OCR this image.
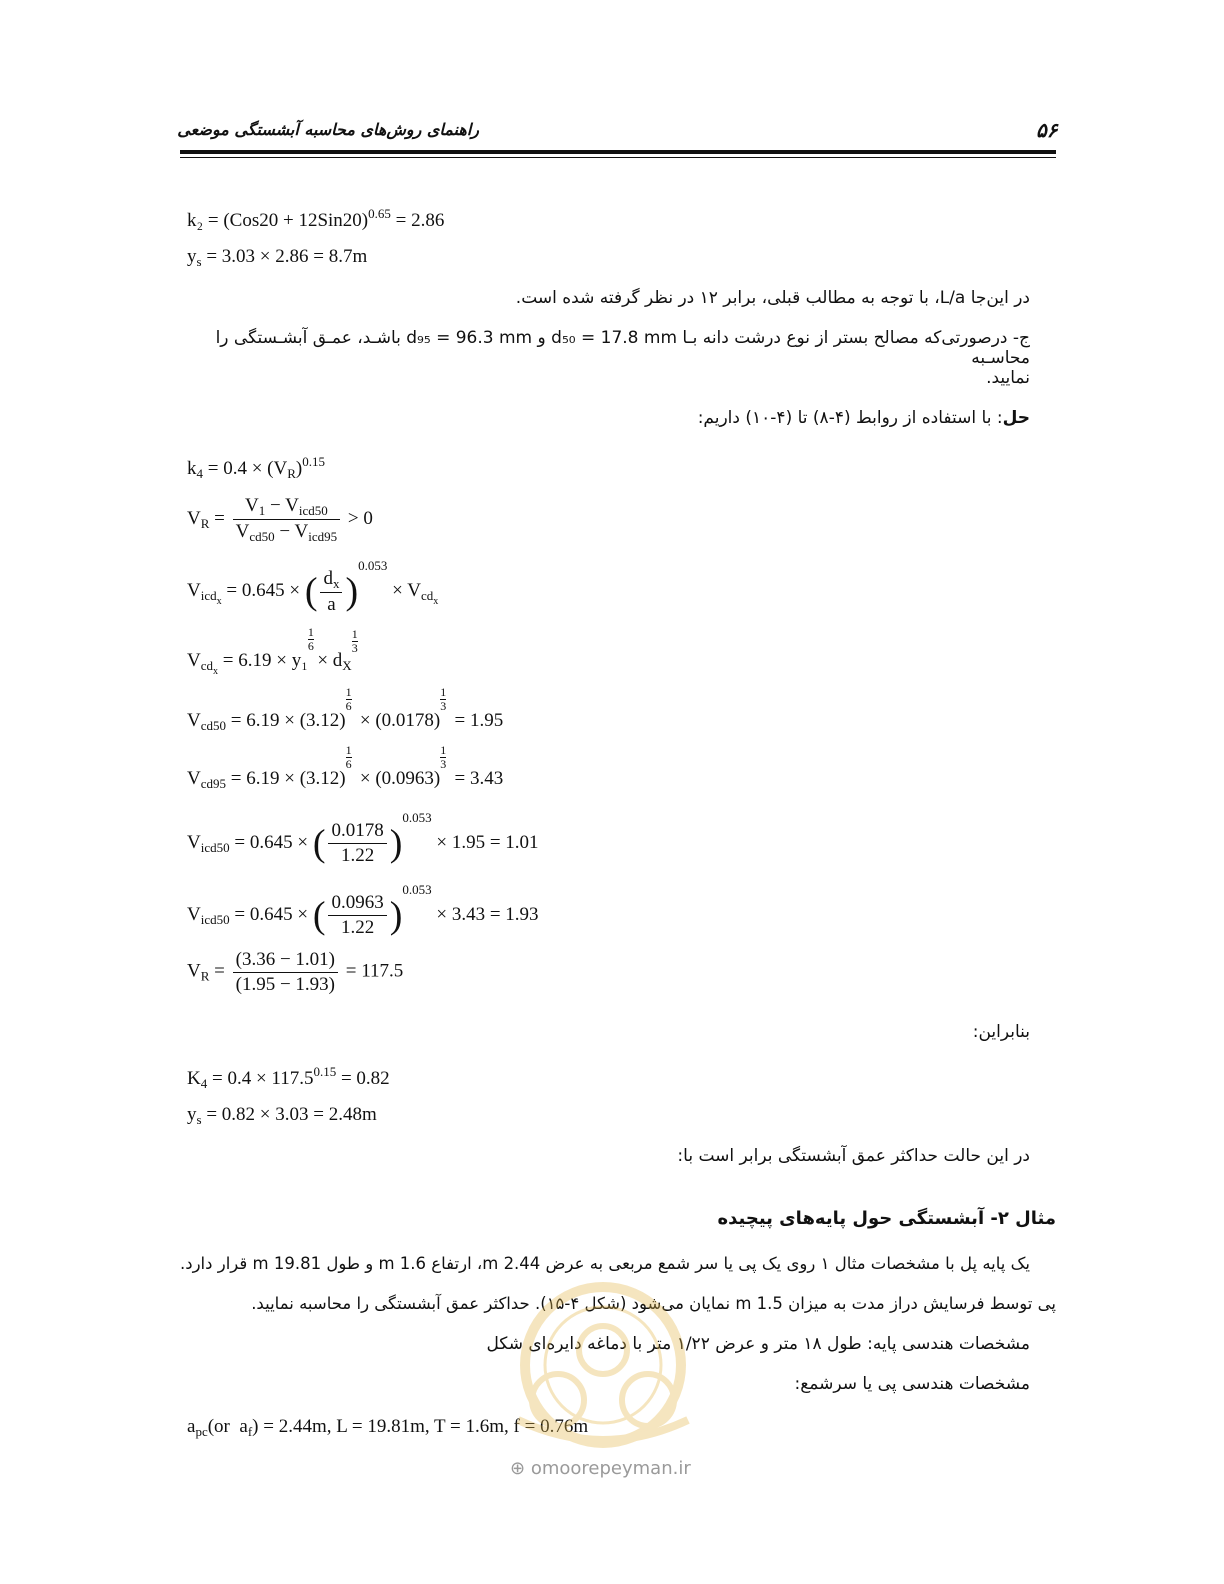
راهنمای روش‌های محاسبه آبشستگی موضعی	۵۶
$k_2 = (Cos20 + 12Sin20)^{0.65} = 2.86$
$y_s = 3.03 \times 2.86 = 8.7m$
در این‌جا L/a، با توجه به مطالب قبلی، برابر ۱۲ در نظر گرفته شده است.
ج- درصورتی‌که مصالح بستر از نوع درشت دانه بـا d₅₀ = 17.8 mm و d₉₅ = 96.3 mm باشـد، عمـق آبشـستگی را محاسـبه
نمایید.
حل: با استفاده از روابط (۴-۸) تا (۴-۱۰) داریم:
$k_4 = 0.4 \times (V_R)^{0.15}$
$V_R = \frac{V_1 - V_{icd50}}{V_{cd50} - V_{icd95}} > 0$
$V_{icd_x} = 0.645$ × ( $\frac{d_x}{a} )^{0.053} \times V_{cd_x}$
$V_{cd_x} = 6.19 \times y_1$
1
6
× $d_X$
1
3
$V_{cd50} = 6.19 \times (3.12)$
1
6
× (0.0178)
1
3
= 1.95
$V_{cd95} = 6.19 \times (3.12)$
1
6
× (0.0963)
1
3
= 3.43
$V_{icd50} = 0.645$ × ( $\frac{0.0178}{1.22} )^{0.053} \times 1.95 = 1.01$
$V_{icd50} = 0.645$ × ( $\frac{0.0963}{1.22} )^{0.053} \times 3.43 = 1.93$
$V_R = \frac{(3.36 - 1.01)}{(1.95 - 1.93)} = 117.5$
بنابراین:
$K_4 = 0.4 \times 117.5^{0.15} = 0.82$
$y_s = 0.82 \times 3.03 = 2.48m$
در این حالت حداکثر عمق آبشستگی برابر است با:
مثال ۲- آبشستگی حول پایه‌های پیچیده
یک پایه پل با مشخصات مثال ۱ روی یک پی یا سر شمع مربعی به عرض 2.44 m، ارتفاع 1.6 m و طول 19.81 m قرار دارد.
پی توسط فرسایش دراز مدت به میزان 1.5 m نمایان می‌شود (شکل ۴-۱۵). حداکثر عمق آبشستگی را محاسبه نمایید.
مشخصات هندسی پایه: طول ۱۸ متر و عرض ۱/۲۲ متر با دماغه دایره‌ای شکل
مشخصات هندسی پی یا سرشمع:
$a_{pc}(or$  $a_f) = 2.44m$, L = 19.81m, T = 1.6m, f = 0.76m
⊕ omoorepeyman.ir
